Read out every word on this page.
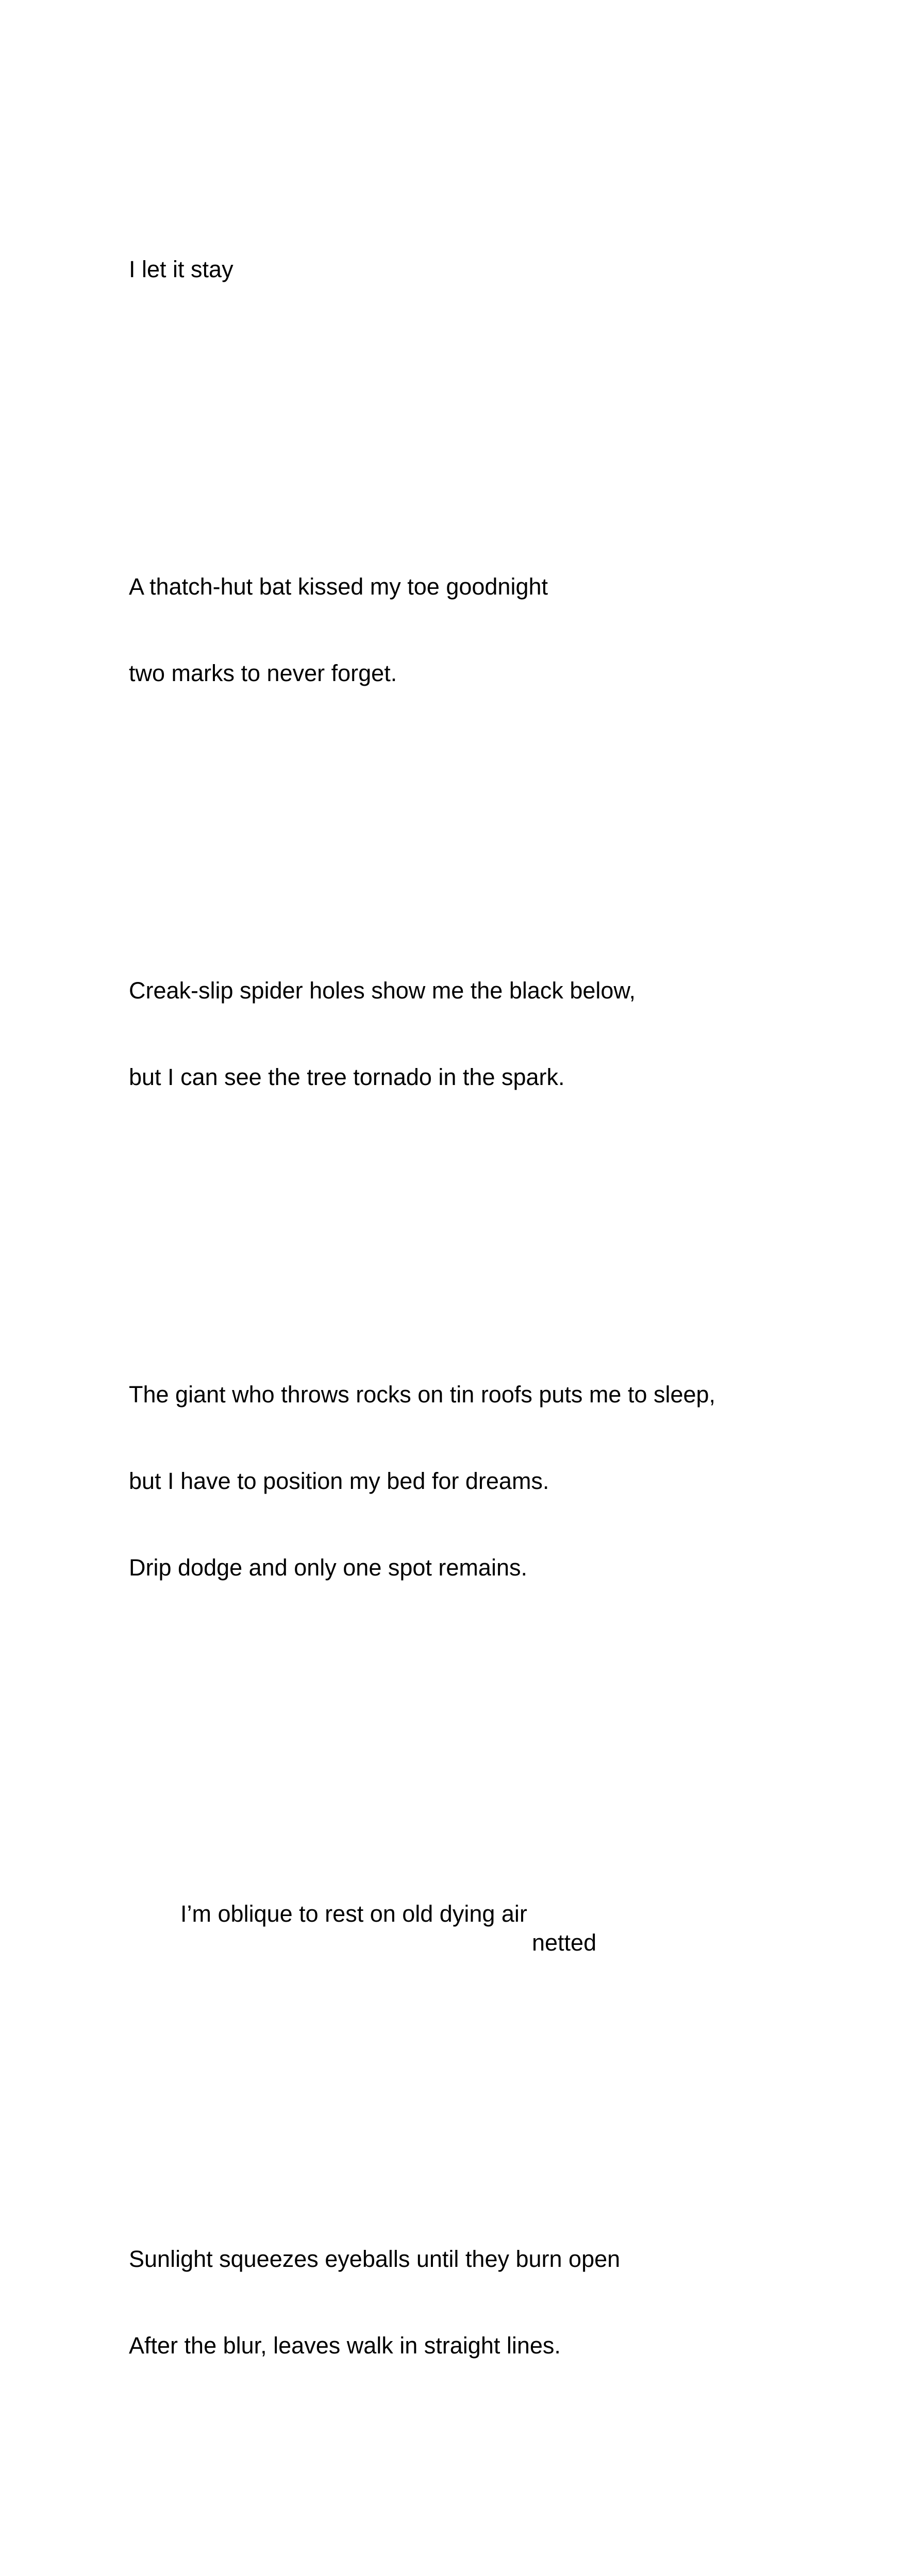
I let it stay

A thatch-hut bat kissed my toe goodnight

two marks to never forget.

Creak-slip spider holes show me the black below,

but I can see the tree tornado in the spark.

The giant who throws rocks on tin roofs puts me to sleep,

but I have to position my bed for dreams.

Drip dodge and only one spot remains.

I’m oblique to rest on old dying air

netted

Sunlight squeezes eyeballs until they burn open

After the blur, leaves walk in straight lines.
